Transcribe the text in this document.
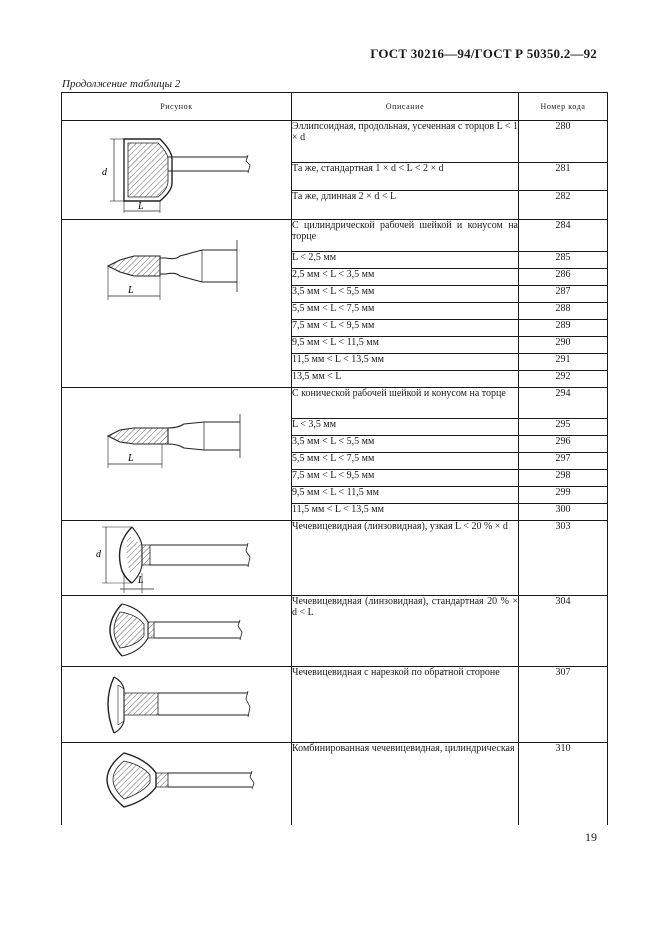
ГОСТ 30216—94/ГОСТ Р 50350.2—92
Продолжение таблицы 2
Рисунок	Описание	Номер кода

d
L	Эллипсоидная, продольная, усеченная с торцов L < 1 × d	280
	Та же, стандартная 1 × d < L < 2 × d	281
	Та же, длинная 2 × d < L	282

L	С цилиндрической рабочей шейкой и конусом на торце	284
	L < 2,5 мм	285
	2,5 мм < L < 3,5 мм	286
	3,5 мм < L < 5,5 мм	287
	5,5 мм < L < 7,5 мм	288
	7,5 мм < L < 9,5 мм	289
	9,5 мм < L < 11,5 мм	290
	11,5 мм < L < 13,5 мм	291
	13,5 мм < L	292

L	С конической рабочей шейкой и конусом на торце	294
	L < 3,5 мм	295
	3,5 мм < L < 5,5 мм	296
	5,5 мм < L < 7,5 мм	297
	7,5 мм < L < 9,5 мм	298
	9,5 мм < L < 11,5 мм	299
	11,5 мм < L < 13,5 мм	300

d
L	Чечевицевидная (линзовидная), узкая L < 20 % × d	303

	Чечевицевидная (линзовидная), стандартная 20 % × d < L	304

	Чечевицевидная с нарезкой по обратной стороне	307

	Комбинированная чечевицевидная, цилиндрическая	310
19
